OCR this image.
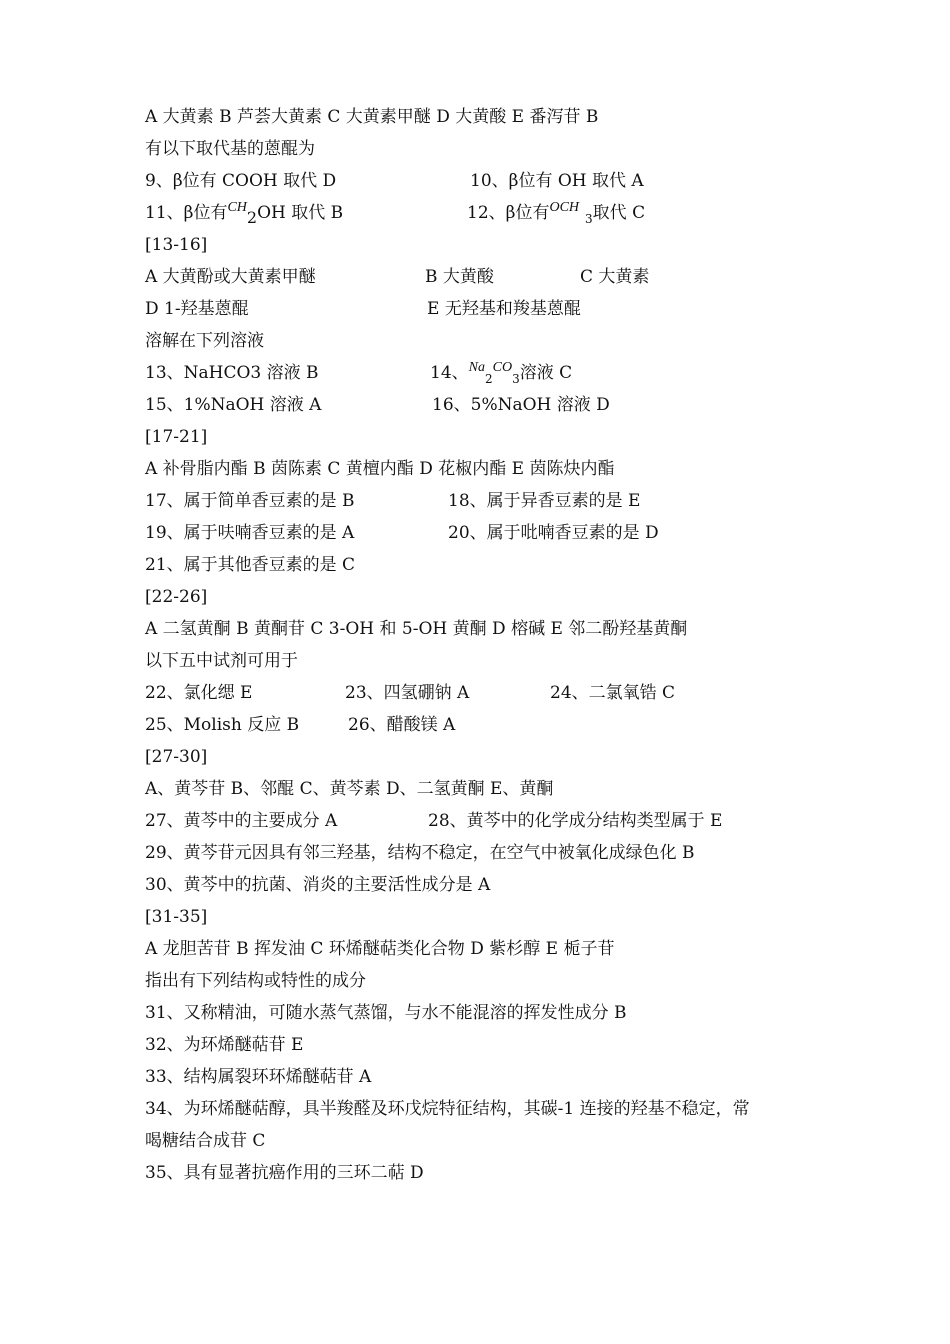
A 大黄素 B 芦荟大黄素 C 大黄素甲醚 D 大黄酸 E 番泻苷 B
有以下取代基的蒽醌为
9、β位有 COOH 取代 D	10、β位有 OH 取代 A
11、β位有$^{CH}$2OH 取代 B	12、β位有$^{OCH}_3$取代 C
[13-16]
A 大黄酚或大黄素甲醚	B 大黄酸	C 大黄素
D 1-羟基蒽醌	E 无羟基和羧基蒽醌
溶解在下列溶液
13、NaHCO3 溶液 B	14、$^{Na}_2^{CO}_3$溶液 C
15、1%NaOH 溶液 A	16、5%NaOH 溶液 D
[17-21]
A 补骨脂内酯 B 茵陈素 C 黄檀内酯 D 花椒内酯 E 茵陈炔内酯
17、属于简单香豆素的是 B	18、属于异香豆素的是 E
19、属于呋喃香豆素的是 A	20、属于吡喃香豆素的是 D
21、属于其他香豆素的是 C
[22-26]
A 二氢黄酮 B 黄酮苷 C 3-OH 和 5-OH 黄酮 D 榕碱 E 邻二酚羟基黄酮
以下五中试剂可用于
22、氯化缌 E	23、四氢硼钠 A	24、二氯氧锆 C
25、Molish 反应 B	26、醋酸镁 A
[27-30]
A、黄芩苷 B、邻醌 C、黄芩素 D、二氢黄酮 E、黄酮
27、黄芩中的主要成分 A	28、黄芩中的化学成分结构类型属于 E
29、黄芩苷元因具有邻三羟基，结构不稳定，在空气中被氧化成绿色化 B
30、黄芩中的抗菌、消炎的主要活性成分是 A
[31-35]
A 龙胆苦苷 B 挥发油 C 环烯醚萜类化合物 D 紫杉醇 E 栀子苷
指出有下列结构或特性的成分
31、又称精油，可随水蒸气蒸馏，与水不能混溶的挥发性成分 B
32、为环烯醚萜苷 E
33、结构属裂环环烯醚萜苷 A
34、为环烯醚萜醇，具半羧醛及环戊烷特征结构，其碳-1 连接的羟基不稳定，常
喝糖结合成苷 C
35、具有显著抗癌作用的三环二萜 D
